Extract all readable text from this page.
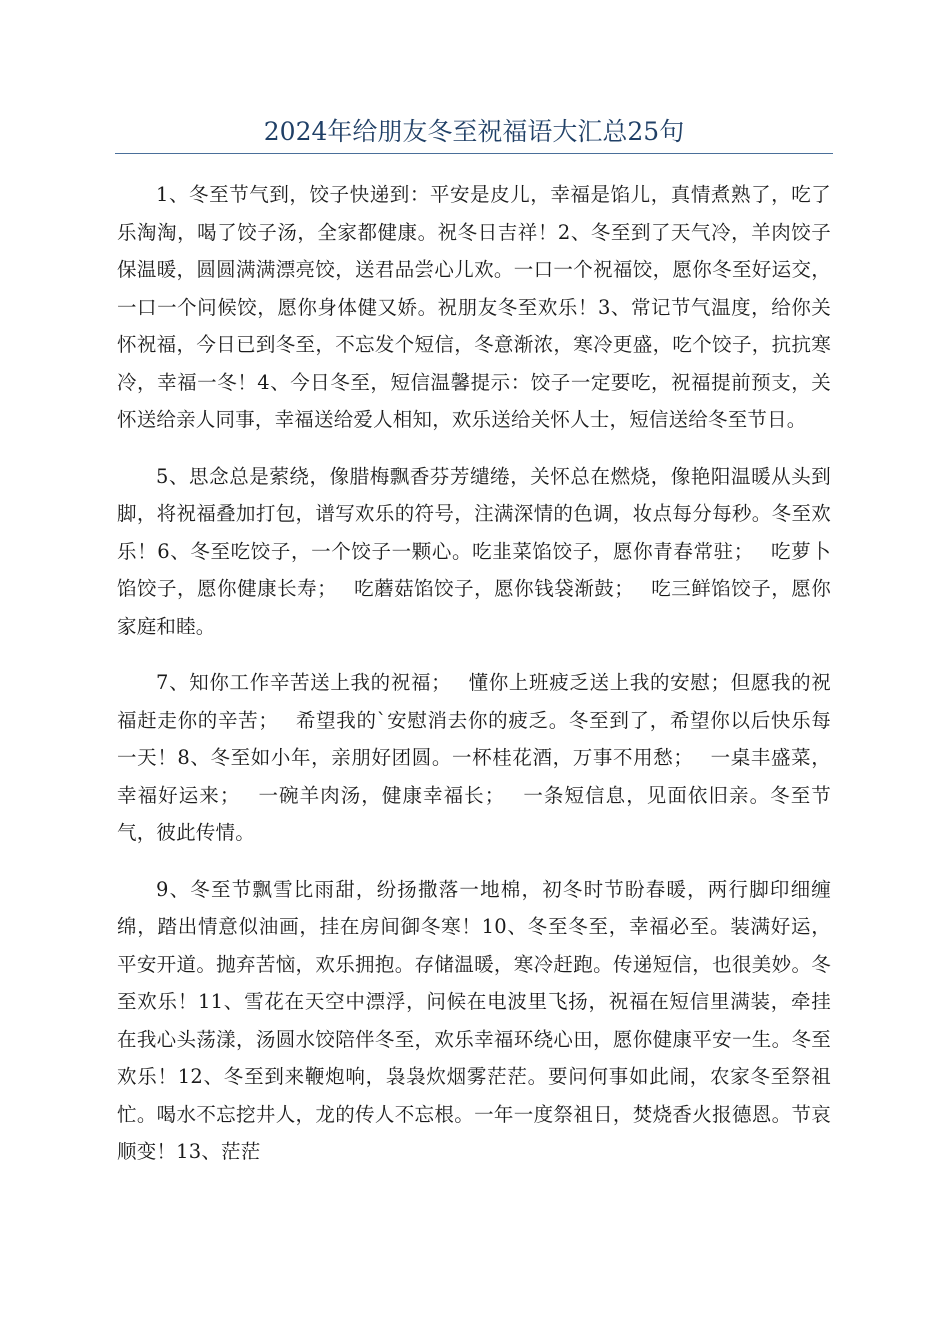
2024年给朋友冬至祝福语大汇总25句

1、冬至节气到，饺子快递到：平安是皮儿，幸福是馅儿，真情煮熟了，吃了乐淘淘，喝了饺子汤，全家都健康。祝冬日吉祥！2、冬至到了天气冷，羊肉饺子保温暖，圆圆满满漂亮饺，送君品尝心儿欢。一口一个祝福饺，愿你冬至好运交，一口一个问候饺，愿你身体健又娇。祝朋友冬至欢乐！3、常记节气温度，给你关怀祝福，今日已到冬至，不忘发个短信，冬意渐浓，寒冷更盛，吃个饺子，抗抗寒冷，幸福一冬！4、今日冬至，短信温馨提示：饺子一定要吃，祝福提前预支，关怀送给亲人同事，幸福送给爱人相知，欢乐送给关怀人士，短信送给冬至节日。

5、思念总是萦绕，像腊梅飘香芬芳缱绻，关怀总在燃烧，像艳阳温暖从头到脚，将祝福叠加打包，谱写欢乐的符号，注满深情的色调，妆点每分每秒。冬至欢乐！6、冬至吃饺子，一个饺子一颗心。吃韭菜馅饺子，愿你青春常驻；　 吃萝卜馅饺子，愿你健康长寿；　 吃蘑菇馅饺子，愿你钱袋渐鼓；　 吃三鲜馅饺子，愿你家庭和睦。

7、知你工作辛苦送上我的祝福；　 懂你上班疲乏送上我的安慰；但愿我的祝福赶走你的辛苦；　 希望我的`安慰消去你的疲乏。冬至到了，希望你以后快乐每一天！8、冬至如小年，亲朋好团圆。一杯桂花酒，万事不用愁；　 一桌丰盛菜，幸福好运来；　 一碗羊肉汤，健康幸福长；　 一条短信息，见面依旧亲。冬至节气，彼此传情。

9、冬至节飘雪比雨甜，纷扬撒落一地棉，初冬时节盼春暖，两行脚印细缠绵，踏出情意似油画，挂在房间御冬寒！10、冬至冬至，幸福必至。装满好运，平安开道。抛弃苦恼，欢乐拥抱。存储温暖，寒冷赶跑。传递短信，也很美妙。冬至欢乐！11、雪花在天空中漂浮，问候在电波里飞扬，祝福在短信里满装，牵挂在我心头荡漾，汤圆水饺陪伴冬至，欢乐幸福环绕心田，愿你健康平安一生。冬至欢乐！12、冬至到来鞭炮响，袅袅炊烟雾茫茫。要问何事如此闹，农家冬至祭祖忙。喝水不忘挖井人，龙的传人不忘根。一年一度祭祖日，焚烧香火报德恩。节哀顺变！13、茫茫
